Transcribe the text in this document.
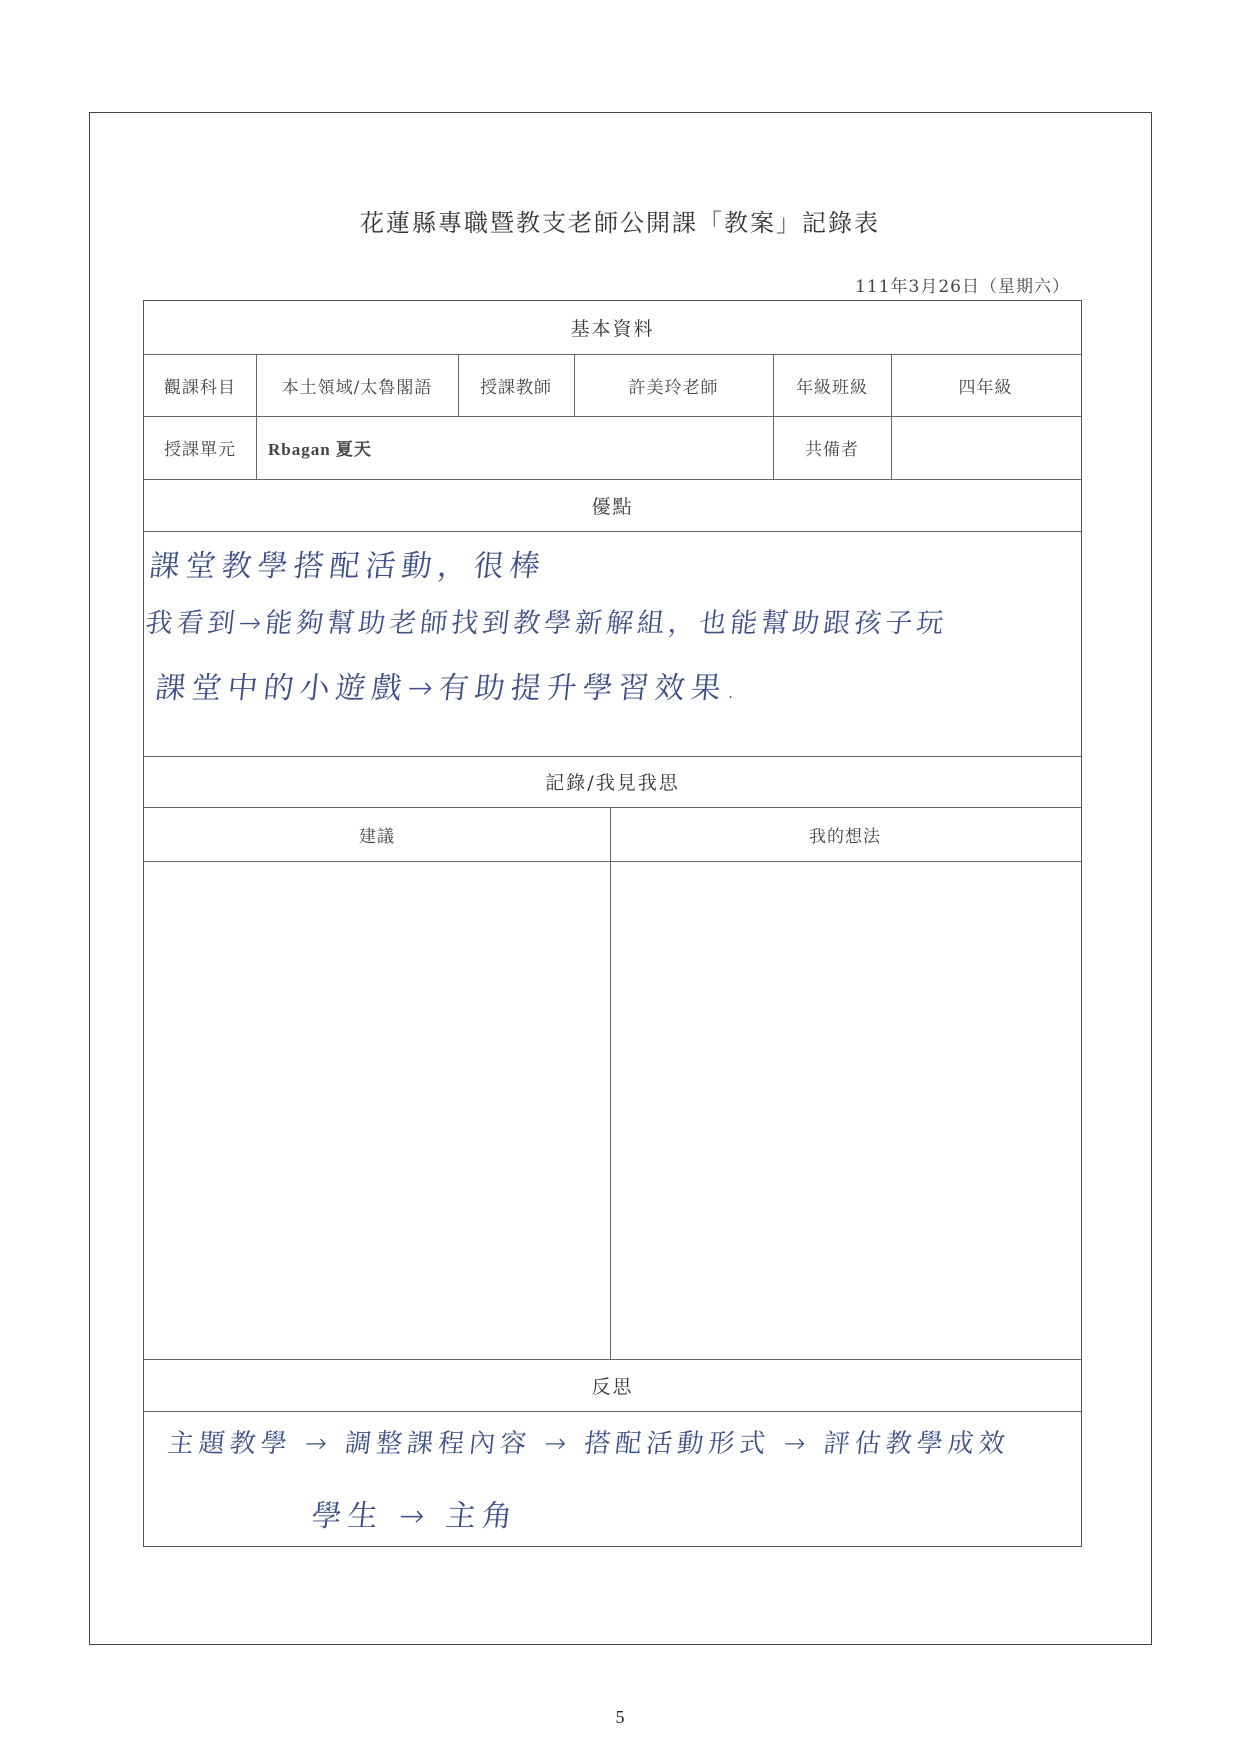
花蓮縣專職暨教支老師公開課「教案」記錄表
111年3月26日（星期六）
基本資料
觀課科目	本土領域/太魯閣語	授課教師	許美玲老師	年級班級	四年級
授課單元	Rbagan 夏天	共備者
優點
課堂教學搭配活動，很棒
我看到→能夠幫助老師找到教學新解組，也能幫助跟孩子玩
課堂中的小遊戲→有助提升學習效果.
記錄/我見我思
建議	我的想法
反思
主題教學 → 調整課程內容 → 搭配活動形式 → 評估教學成效
學生 → 主角
5
